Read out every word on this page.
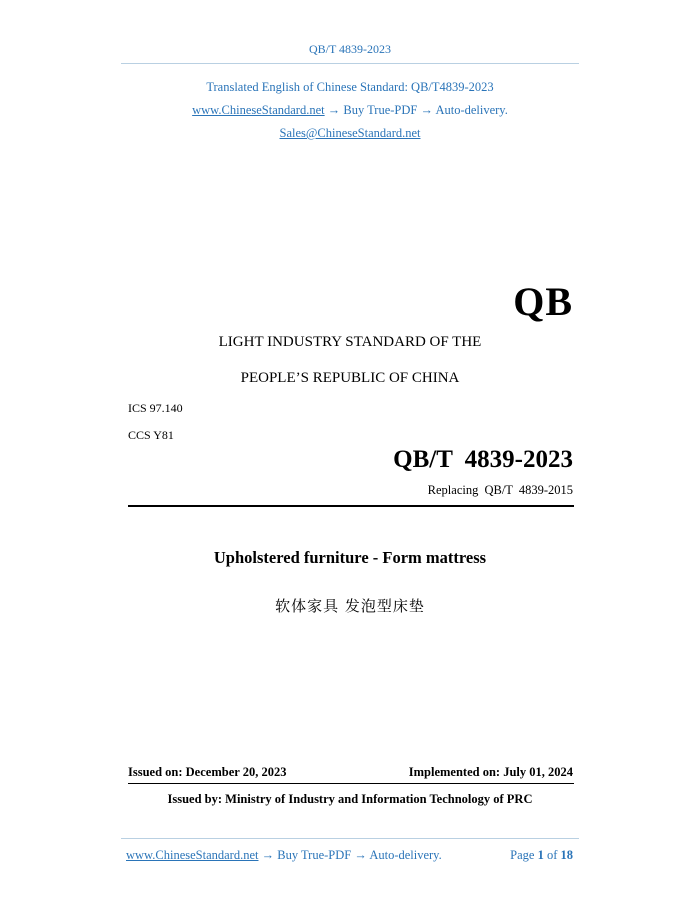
QB/T 4839-2023
Translated English of Chinese Standard: QB/T4839-2023
www.ChineseStandard.net → Buy True-PDF → Auto-delivery.
Sales@ChineseStandard.net
QB
LIGHT INDUSTRY STANDARD OF THE
PEOPLE’S REPUBLIC OF CHINA
ICS 97.140
CCS Y81
QB/T 4839-2023
Replacing QB/T 4839-2015
Upholstered furniture - Form mattress
软体家具 发泡型床垫
Issued on: December 20, 2023	Implemented on: July 01, 2024
Issued by: Ministry of Industry and Information Technology of PRC
www.ChineseStandard.net → Buy True-PDF → Auto-delivery.	Page 1 of 18
